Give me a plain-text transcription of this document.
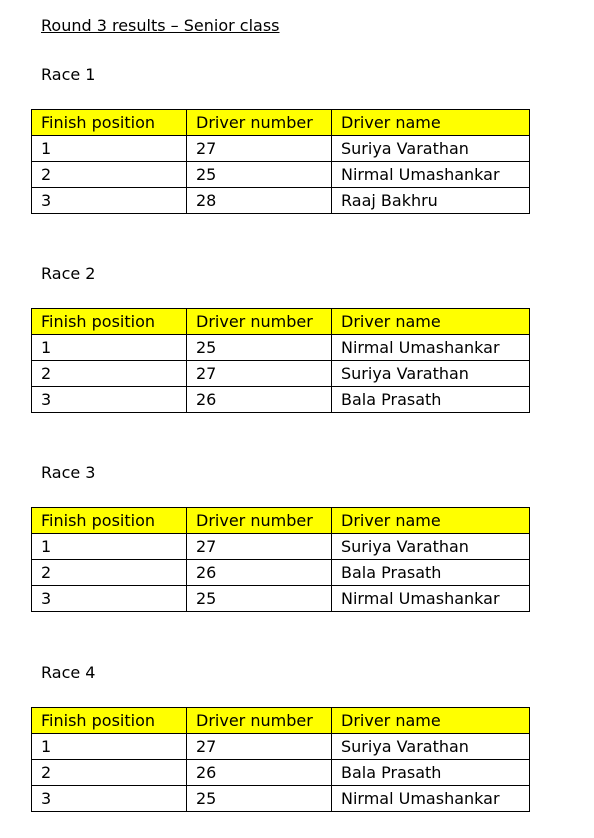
Round 3 results – Senior class
Race 1
Finish position	Driver number	Driver name
1	27	Suriya Varathan
2	25	Nirmal Umashankar
3	28	Raaj Bakhru
Race 2
Finish position	Driver number	Driver name
1	25	Nirmal Umashankar
2	27	Suriya Varathan
3	26	Bala Prasath
Race 3
Finish position	Driver number	Driver name
1	27	Suriya Varathan
2	26	Bala Prasath
3	25	Nirmal Umashankar
Race 4
Finish position	Driver number	Driver name
1	27	Suriya Varathan
2	26	Bala Prasath
3	25	Nirmal Umashankar
